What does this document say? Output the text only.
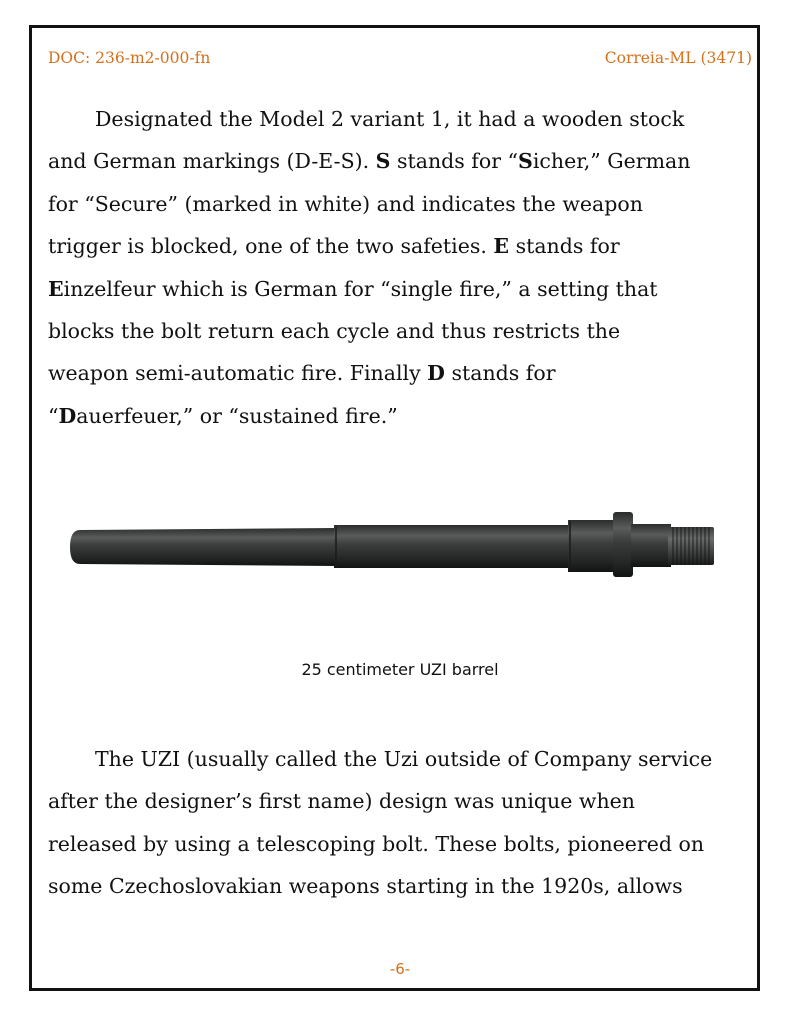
DOC: 236-m2-000-fn	Correia-ML (3471)
Designated the Model 2 variant 1, it had a wooden stock
and German markings (D-E-S). S stands for “Sicher,” German
for “Secure” (marked in white) and indicates the weapon
trigger is blocked, one of the two safeties. E stands for
Einzelfeur which is German for “single fire,” a setting that
blocks the bolt return each cycle and thus restricts the
weapon semi-automatic fire. Finally D stands for
“Dauerfeuer,” or “sustained fire.”
25 centimeter UZI barrel
The UZI (usually called the Uzi outside of Company service
after the designer’s first name) design was unique when
released by using a telescoping bolt. These bolts, pioneered on
some Czechoslovakian weapons starting in the 1920s, allows
-6-
